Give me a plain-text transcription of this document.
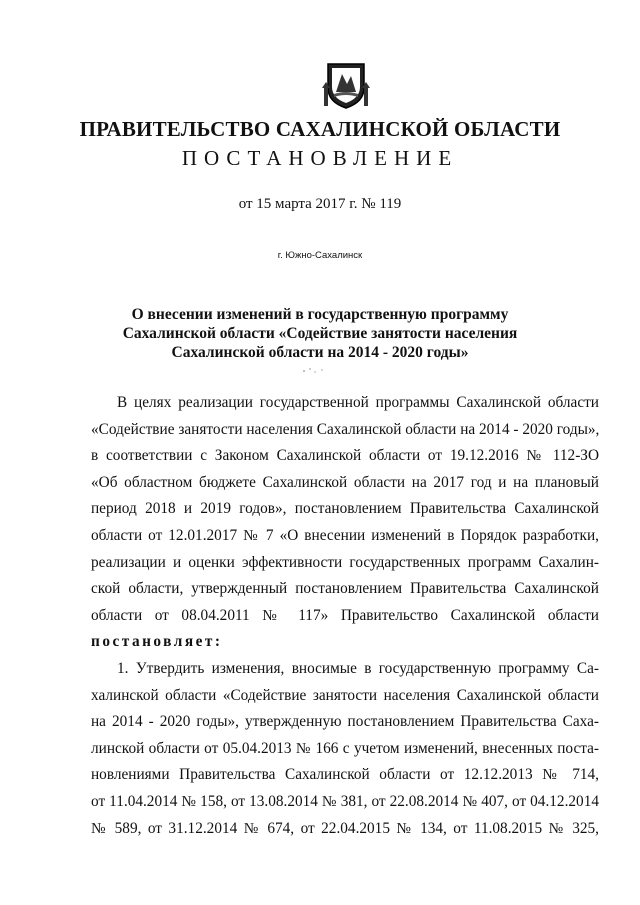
ПРАВИТЕЛЬСТВО САХАЛИНСКОЙ ОБЛАСТИ
ПОСТАНОВЛЕНИЕ
от 15 марта 2017 г. № 119
г. Южно-Сахалинск
О внесении изменений в государственную программу
Сахалинской области «Содействие занятости населения
Сахалинской области на 2014 - 2020 годы»
В целях реализации государственной программы Сахалинской области
«Содействие занятости населения Сахалинской области на 2014 - 2020 годы»,
в соответствии с Законом Сахалинской области от 19.12.2016 № 112-ЗО
«Об областном бюджете Сахалинской области на 2017 год и на плановый
период 2018 и 2019 годов», постановлением Правительства Сахалинской
области от 12.01.2017 № 7 «О внесении изменений в Порядок разработки,
реализации и оценки эффективности государственных программ Сахалин-
ской области, утвержденный постановлением Правительства Сахалинской
области от 08.04.2011 № 117» Правительство Сахалинской области
постановляет:
1. Утвердить изменения, вносимые в государственную программу Са-
халинской области «Содействие занятости населения Сахалинской области
на 2014 - 2020 годы», утвержденную постановлением Правительства Саха-
линской области от 05.04.2013 № 166 с учетом изменений, внесенных поста-
новлениями Правительства Сахалинской области от 12.12.2013 № 714,
от 11.04.2014 № 158, от 13.08.2014 № 381, от 22.08.2014 № 407, от 04.12.2014
№ 589, от 31.12.2014 № 674, от 22.04.2015 № 134, от 11.08.2015 № 325,
